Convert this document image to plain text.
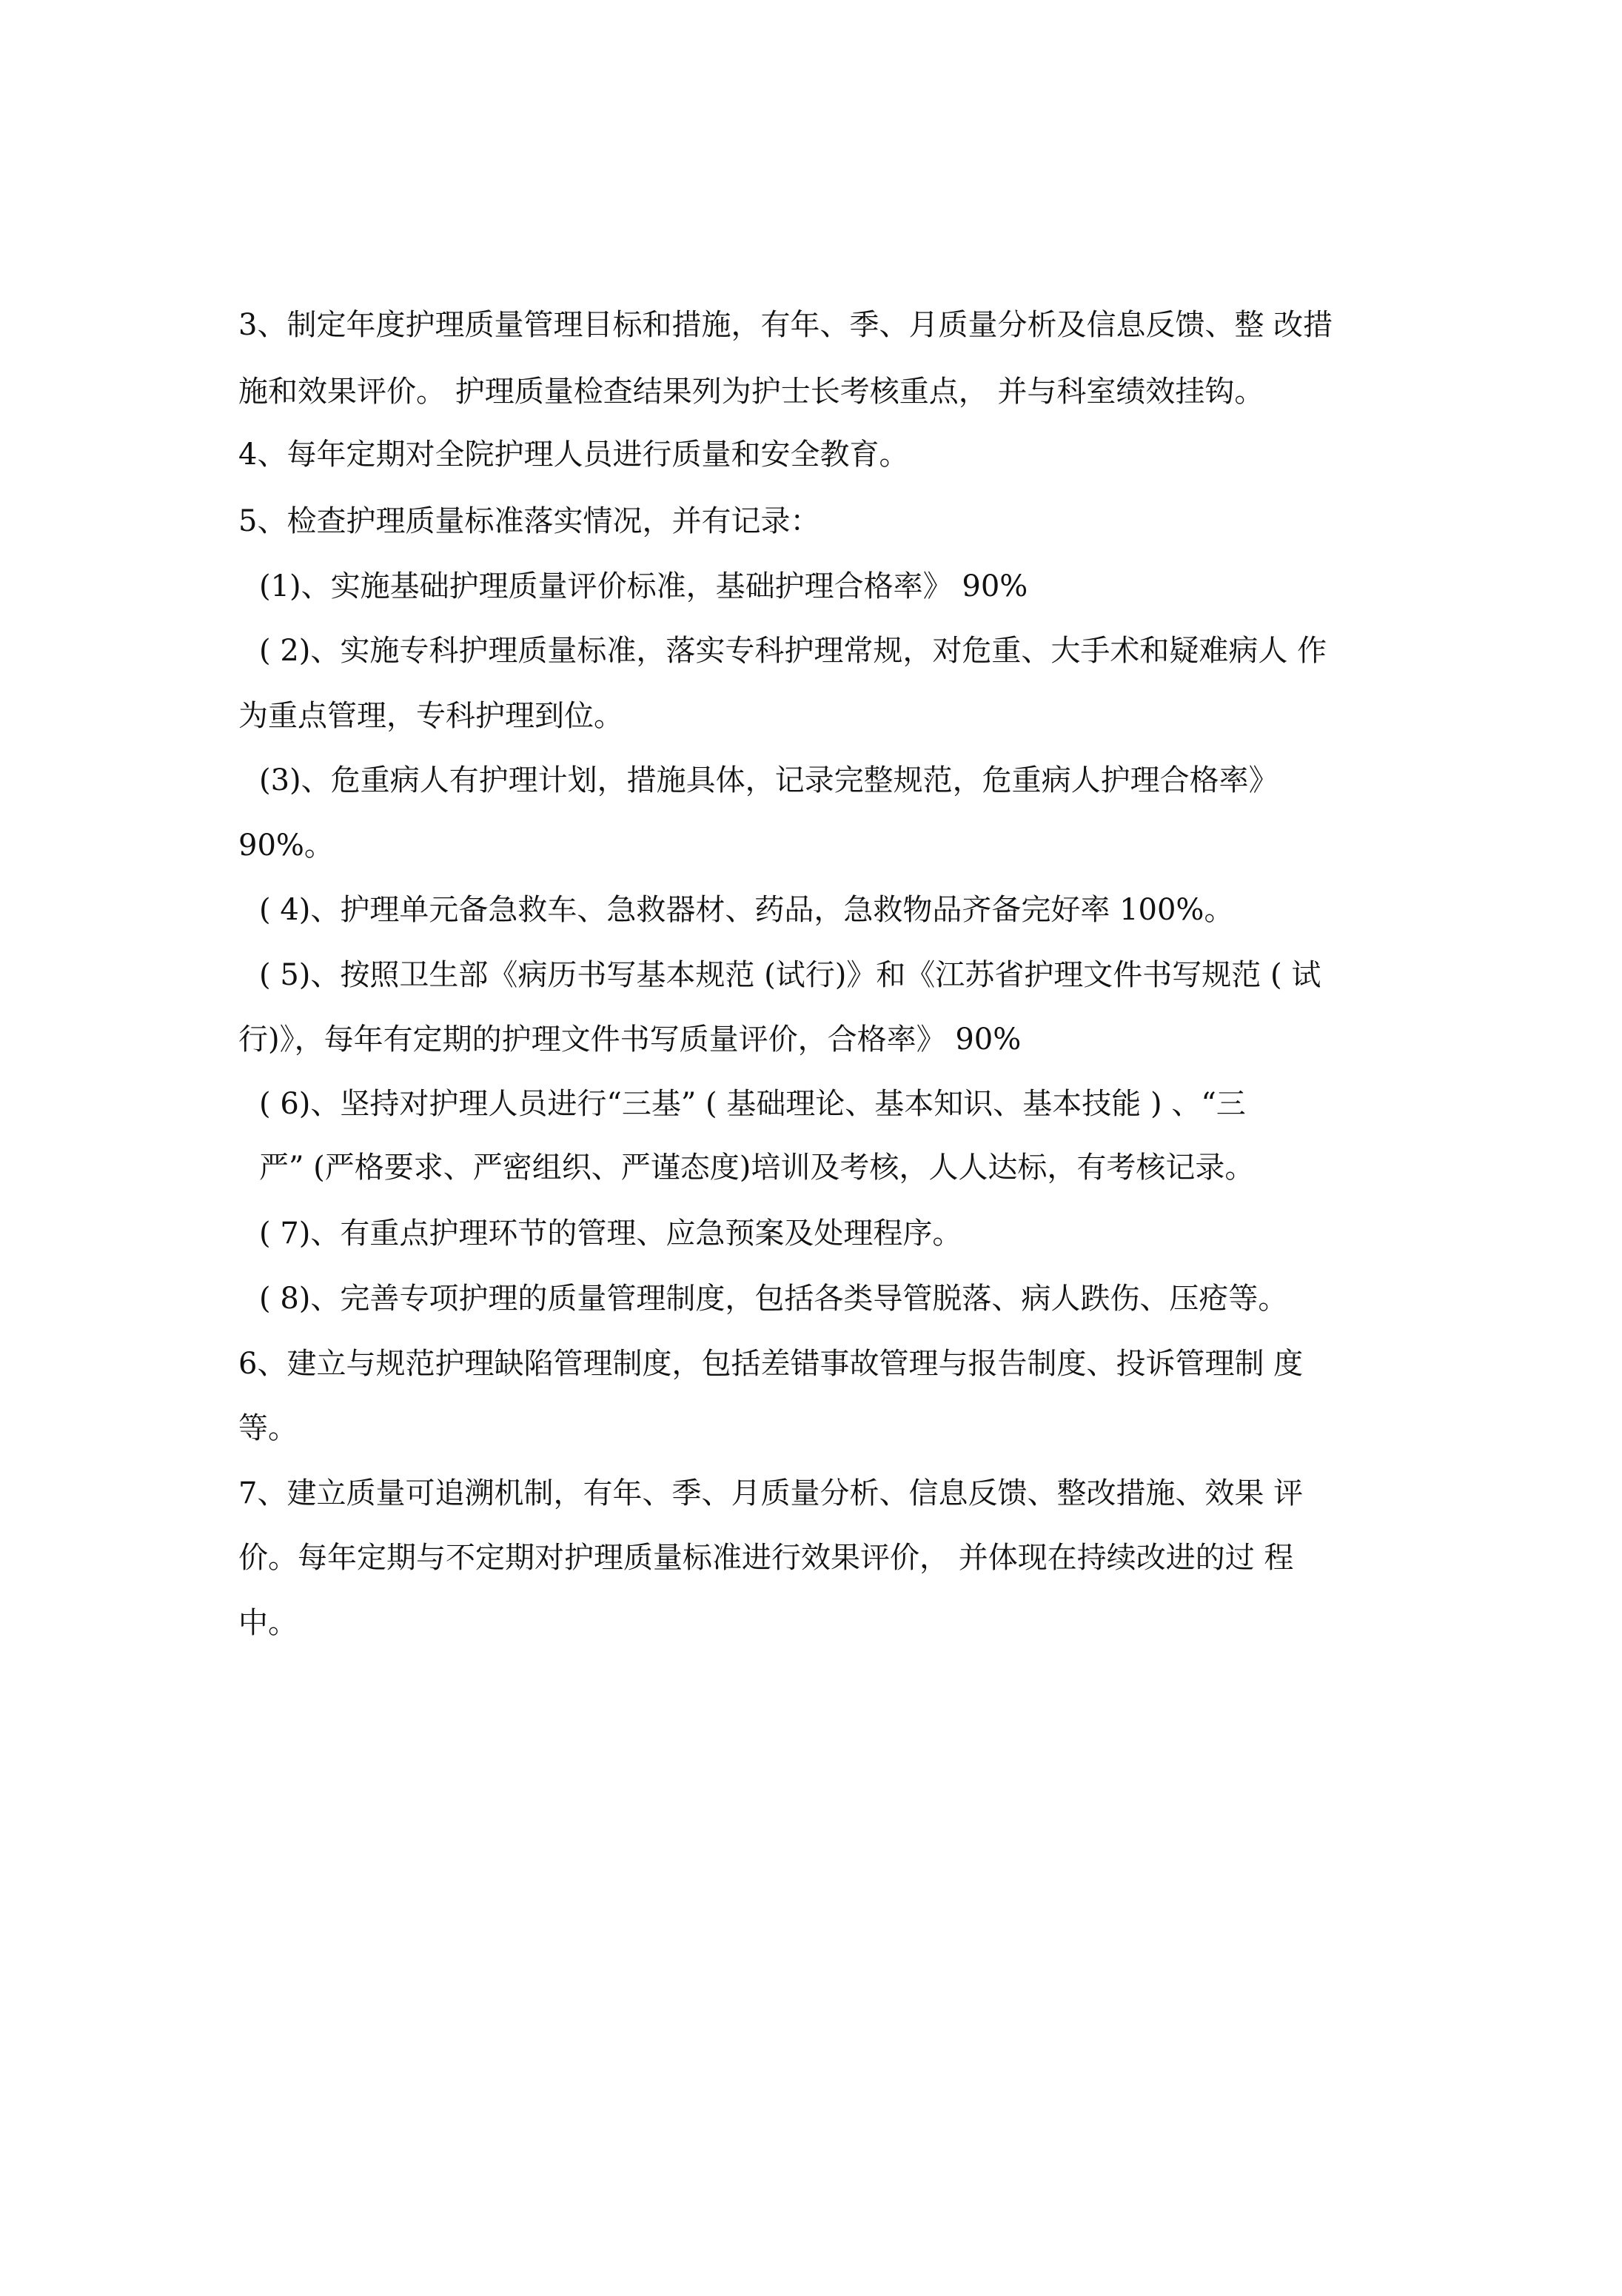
3、制定年度护理质量管理目标和措施，有年、季、月质量分析及信息反馈、整 改措
施和效果评价。 护理质量检查结果列为护士长考核重点， 并与科室绩效挂钩。
4、每年定期对全院护理人员进行质量和安全教育。
5、检查护理质量标准落实情况，并有记录：
(1)、实施基础护理质量评价标准，基础护理合格率》 90%
( 2)、实施专科护理质量标准，落实专科护理常规，对危重、大手术和疑难病人 作
为重点管理，专科护理到位。
(3)、危重病人有护理计划，措施具体，记录完整规范，危重病人护理合格率》
90%。
( 4)、护理单元备急救车、急救器材、药品，急救物品齐备完好率 100%。
( 5)、按照卫生部《病历书写基本规范 (试行)》和《江苏省护理文件书写规范 ( 试
行)》，每年有定期的护理文件书写质量评价，合格率》 90%
( 6)、坚持对护理人员进行“三基” ( 基础理论、基本知识、基本技能 ) 、“三
严” (严格要求、严密组织、严谨态度)培训及考核，人人达标，有考核记录。
( 7)、有重点护理环节的管理、应急预案及处理程序。
( 8)、完善专项护理的质量管理制度，包括各类导管脱落、病人跌伤、压疮等。
6、建立与规范护理缺陷管理制度，包括差错事故管理与报告制度、投诉管理制 度
等。
7、建立质量可追溯机制，有年、季、月质量分析、信息反馈、整改措施、效果 评
价。每年定期与不定期对护理质量标准进行效果评价， 并体现在持续改进的过 程
中。
